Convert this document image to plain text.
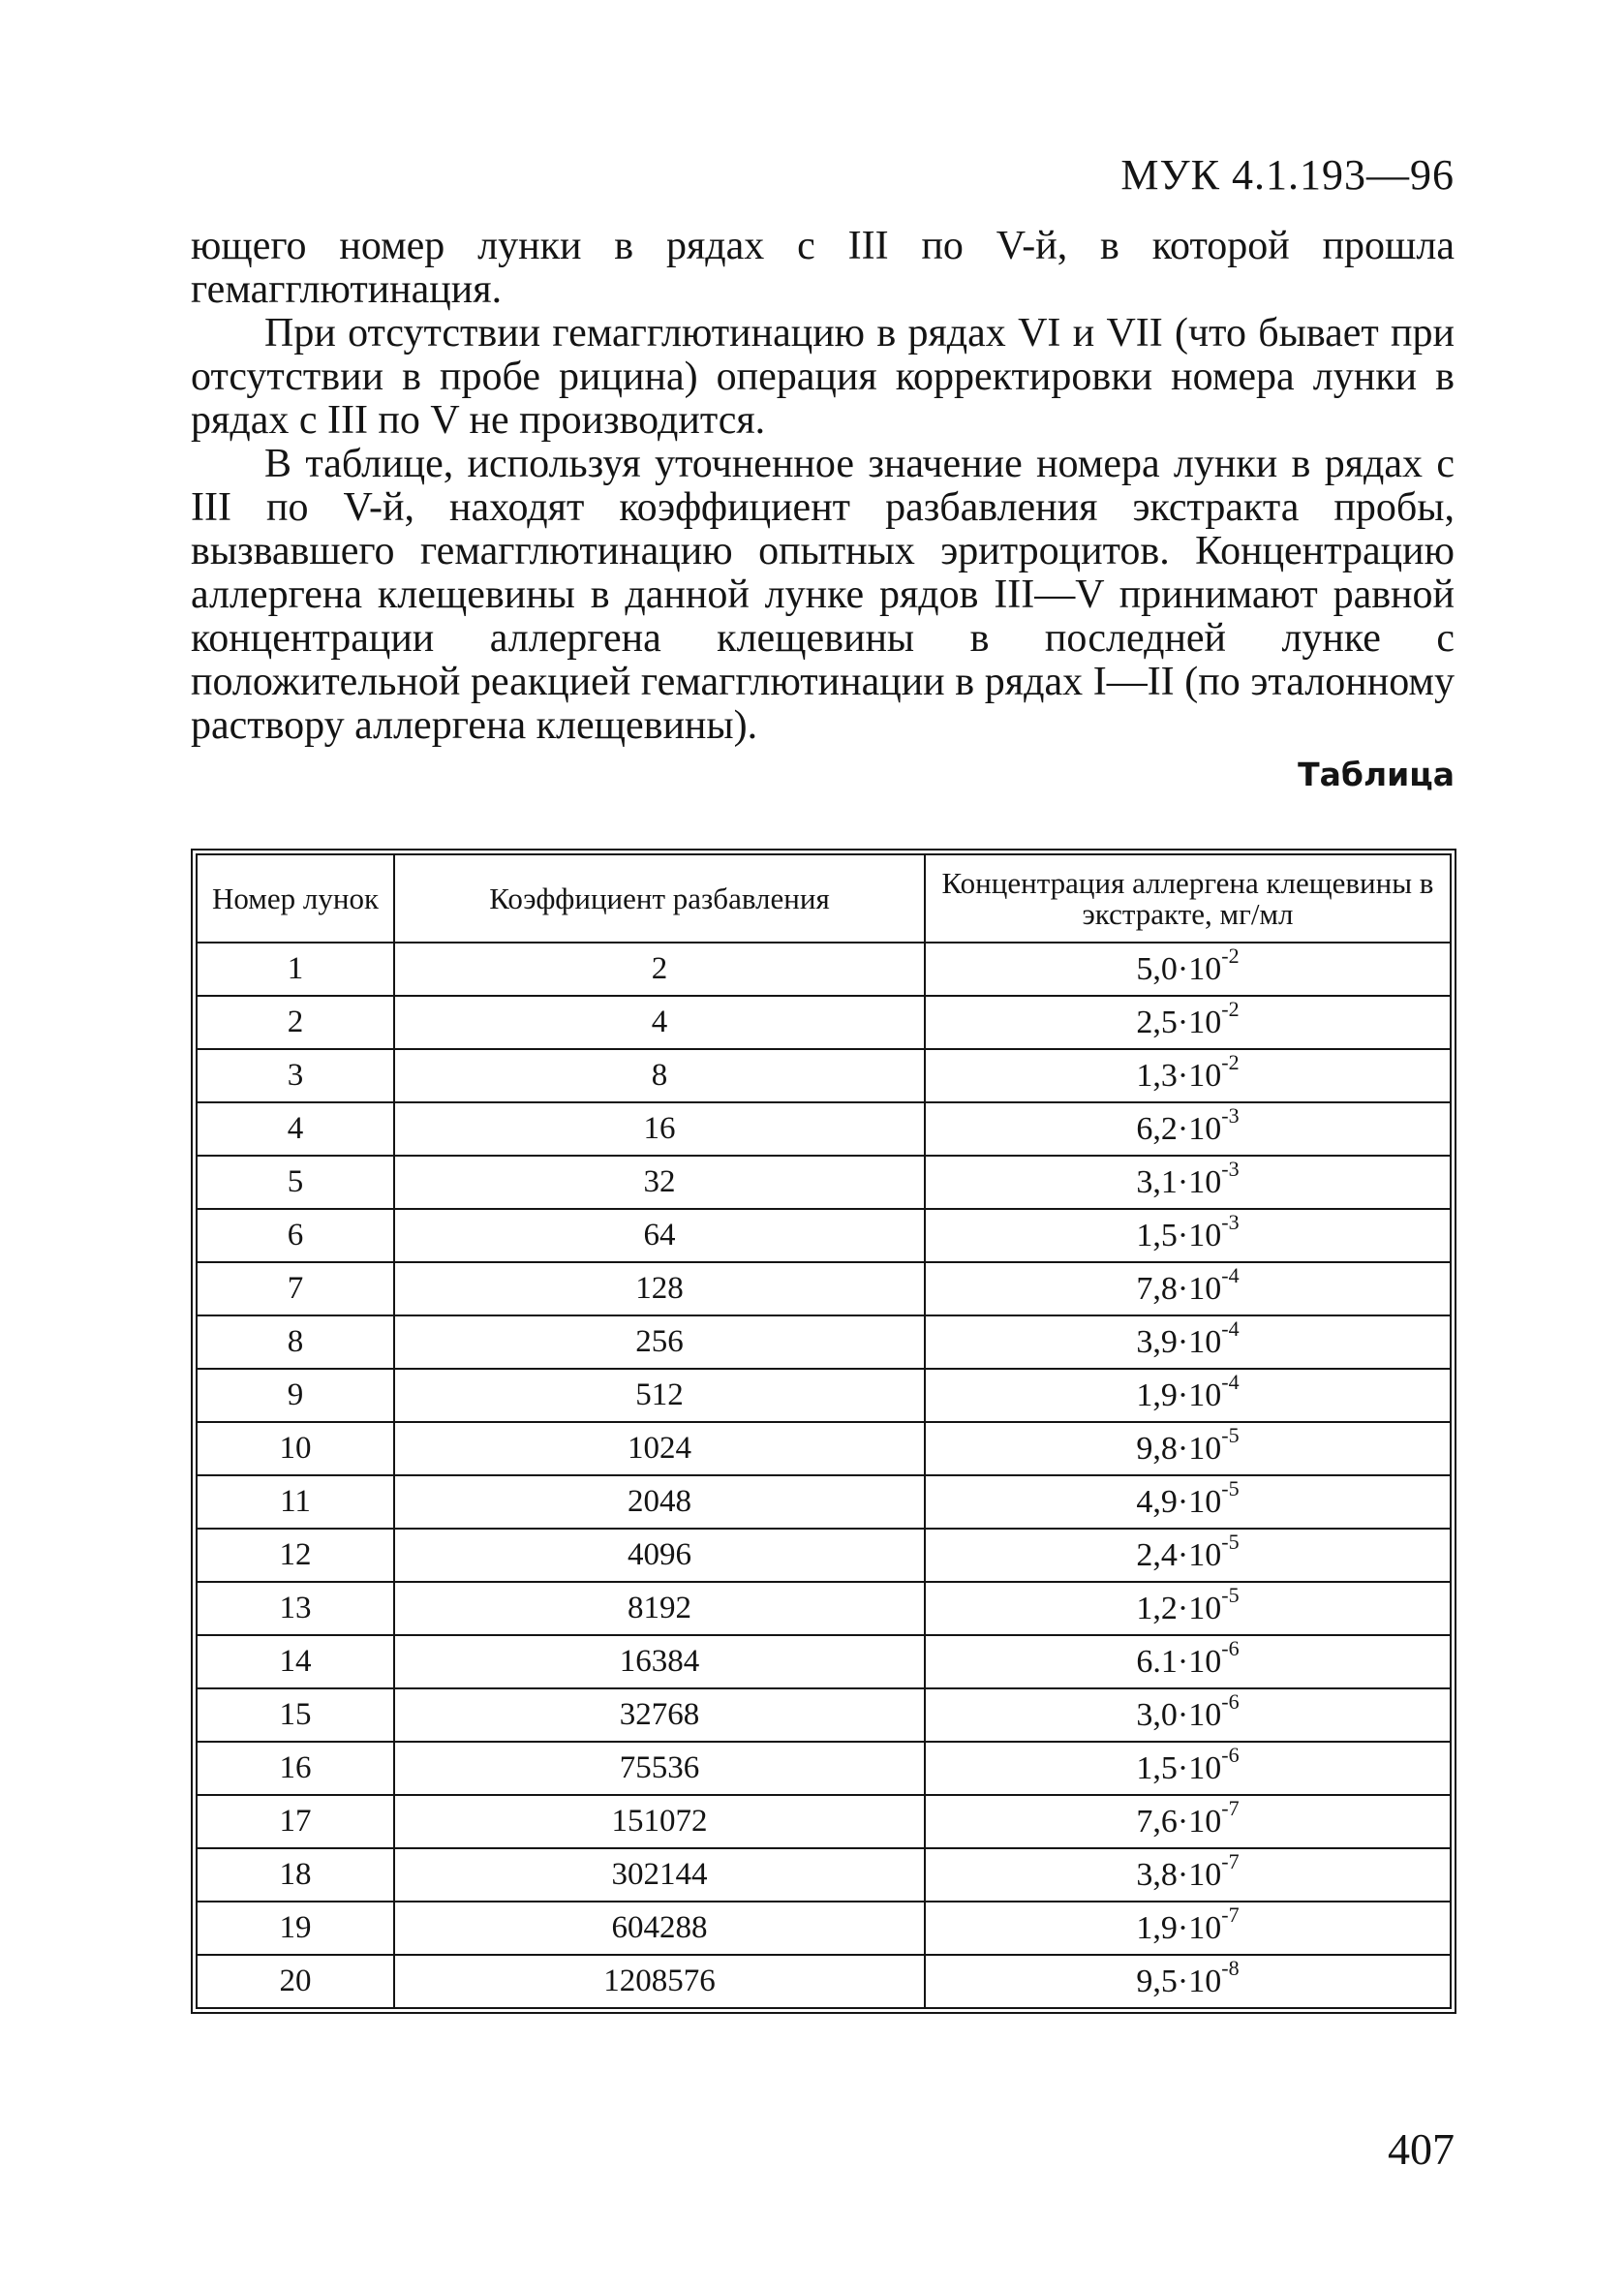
МУК 4.1.193—96

ющего номер лунки в рядах с III по V-й, в которой прошла гемагглютинация.

При отсутствии гемагглютинацию в рядах VI и VII (что бывает при отсутствии в пробе рицина) операция корректировки номера лунки в рядах с III по V не производится.

В таблице, используя уточненное значение номера лунки в рядах с III по V-й, находят коэффициент разбавления экстракта пробы, вызвавшего гемагглютинацию опытных эритроцитов. Концентрацию аллергена клещевины в данной лунке рядов III—V принимают равной концентрации аллергена клещевины в последней лунке с положительной реакцией гемагглютинации в рядах I—II (по эталонному раствору аллергена клещевины).

Таблица
Номер лунок	Коэффициент разбавления	Концентрация аллергена клещевины в экстракте, мг/мл
1	2	$5,0\cdot 10^{-2}$
2	4	$2,5\cdot 10^{-2}$
3	8	$1,3\cdot 10^{-2}$
4	16	$6,2\cdot 10^{-3}$
5	32	$3,1\cdot 10^{-3}$
6	64	$1,5\cdot 10^{-3}$
7	128	$7,8\cdot 10^{-4}$
8	256	$3,9\cdot 10^{-4}$
9	512	$1,9\cdot 10^{-4}$
10	1024	$9,8\cdot 10^{-5}$
11	2048	$4,9\cdot 10^{-5}$
12	4096	$2,4\cdot 10^{-5}$
13	8192	$1,2\cdot 10^{-5}$
14	16384	$6.1\cdot 10^{-6}$
15	32768	$3,0\cdot 10^{-6}$
16	75536	$1,5\cdot 10^{-6}$
17	151072	$7,6\cdot 10^{-7}$
18	302144	$3,8\cdot 10^{-7}$
19	604288	$1,9\cdot 10^{-7}$
20	1208576	$9,5\cdot 10^{-8}$
407
